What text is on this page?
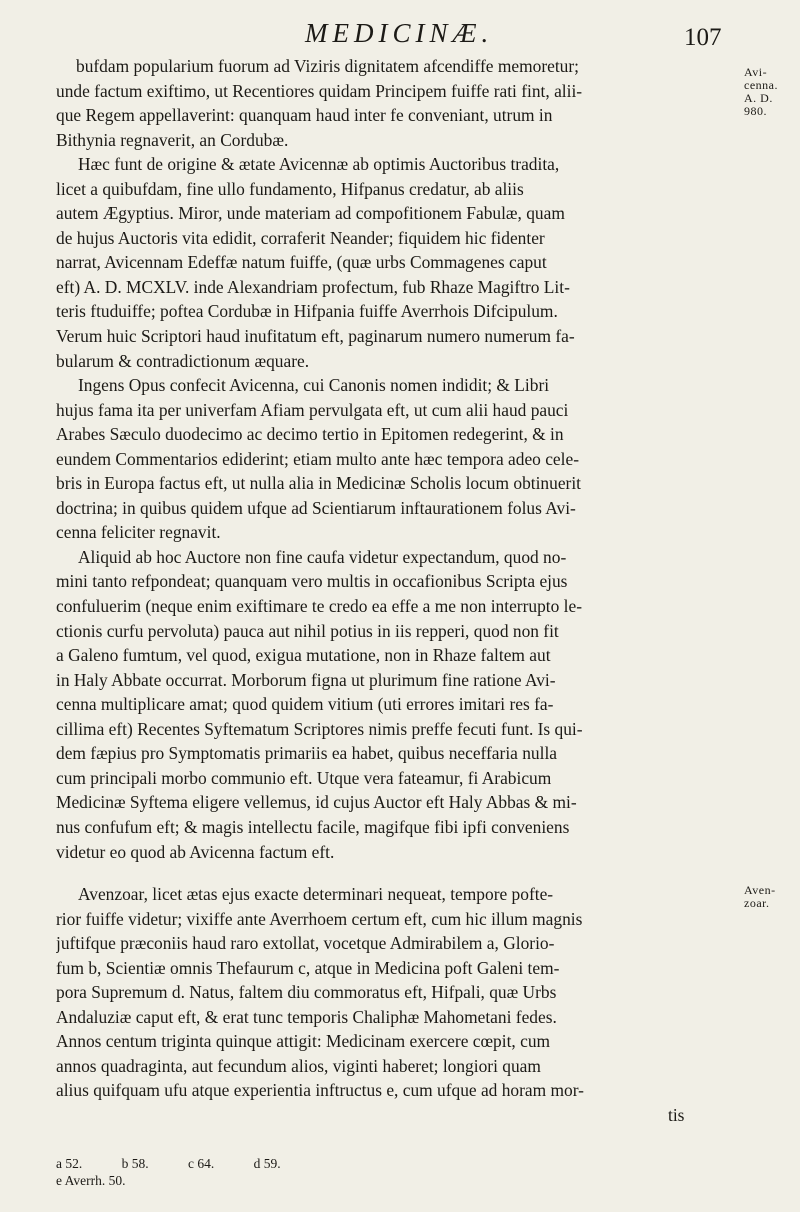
MEDICINÆ.	107
bufdam popularium fuorum ad Viziris dignitatem afcendiffe memoretur;
unde factum exiftimo, ut Recentiores quidam Principem fuiffe rati fint, alii-
que Regem appellaverint: quanquam haud inter fe conveniant, utrum in
Bithynia regnaverit, an Cordubæ.
Hæc funt de origine & ætate Avicennæ ab optimis Auctoribus tradita,
licet a quibufdam, fine ullo fundamento, Hifpanus credatur, ab aliis
autem Ægyptius. Miror, unde materiam ad compofitionem Fabulæ, quam
de hujus Auctoris vita edidit, corraferit Neander; fiquidem hic fidenter
narrat, Avicennam Edeffæ natum fuiffe, (quæ urbs Commagenes caput
eft) A. D. MCXLV. inde Alexandriam profectum, fub Rhaze Magiftro Lit-
teris ftuduiffe; poftea Cordubæ in Hifpania fuiffe Averrhois Difcipulum.
Verum huic Scriptori haud inufitatum eft, paginarum numero numerum fa-
bularum & contradictionum æquare.
Ingens Opus confecit Avicenna, cui Canonis nomen indidit; & Libri
hujus fama ita per univerfam Afiam pervulgata eft, ut cum alii haud pauci
Arabes Sæculo duodecimo ac decimo tertio in Epitomen redegerint, & in
eundem Commentarios ediderint; etiam multo ante hæc tempora adeo cele-
bris in Europa factus eft, ut nulla alia in Medicinæ Scholis locum obtinuerit
doctrina; in quibus quidem ufque ad Scientiarum inftaurationem folus Avi-
cenna feliciter regnavit.
Aliquid ab hoc Auctore non fine caufa videtur expectandum, quod no-
mini tanto refpondeat; quanquam vero multis in occafionibus Scripta ejus
confuluerim (neque enim exiftimare te credo ea effe a me non interrupto le-
ctionis curfu pervoluta) pauca aut nihil potius in iis repperi, quod non fit
a Galeno fumtum, vel quod, exigua mutatione, non in Rhaze faltem aut
in Haly Abbate occurrat. Morborum figna ut plurimum fine ratione Avi-
cenna multiplicare amat; quod quidem vitium (uti errores imitari res fa-
cillima eft) Recentes Syftematum Scriptores nimis preffe fecuti funt. Is qui-
dem fæpius pro Symptomatis primariis ea habet, quibus neceffaria nulla
cum principali morbo communio eft. Utque vera fateamur, fi Arabicum
Medicinæ Syftema eligere vellemus, id cujus Auctor eft Haly Abbas & mi-
nus confufum eft; & magis intellectu facile, magifque fibi ipfi conveniens
videtur eo quod ab Avicenna factum eft.
Avenzoar, licet ætas ejus exacte determinari nequeat, tempore pofte-
rior fuiffe videtur; vixiffe ante Averrhoem certum eft, cum hic illum magnis
juftifque præconiis haud raro extollat, vocetque Admirabilem a, Glorio-
fum b, Scientiæ omnis Thefaurum c, atque in Medicina poft Galeni tem-
pora Supremum d. Natus, faltem diu commoratus eft, Hifpali, quæ Urbs
Andaluziæ caput eft, & erat tunc temporis Chaliphæ Mahometani fedes.
Annos centum triginta quinque attigit: Medicinam exercere cœpit, cum
annos quadraginta, aut fecundum alios, viginti haberet; longiori quam
alius quifquam ufu atque experientia inftructus e, cum ufque ad horam mor-
tis
Avi-
cenna.
A. D.
980.
Aven-
zoar.
a 52.	b 58.	c 64.	d 59.
e Averrh. 50.
